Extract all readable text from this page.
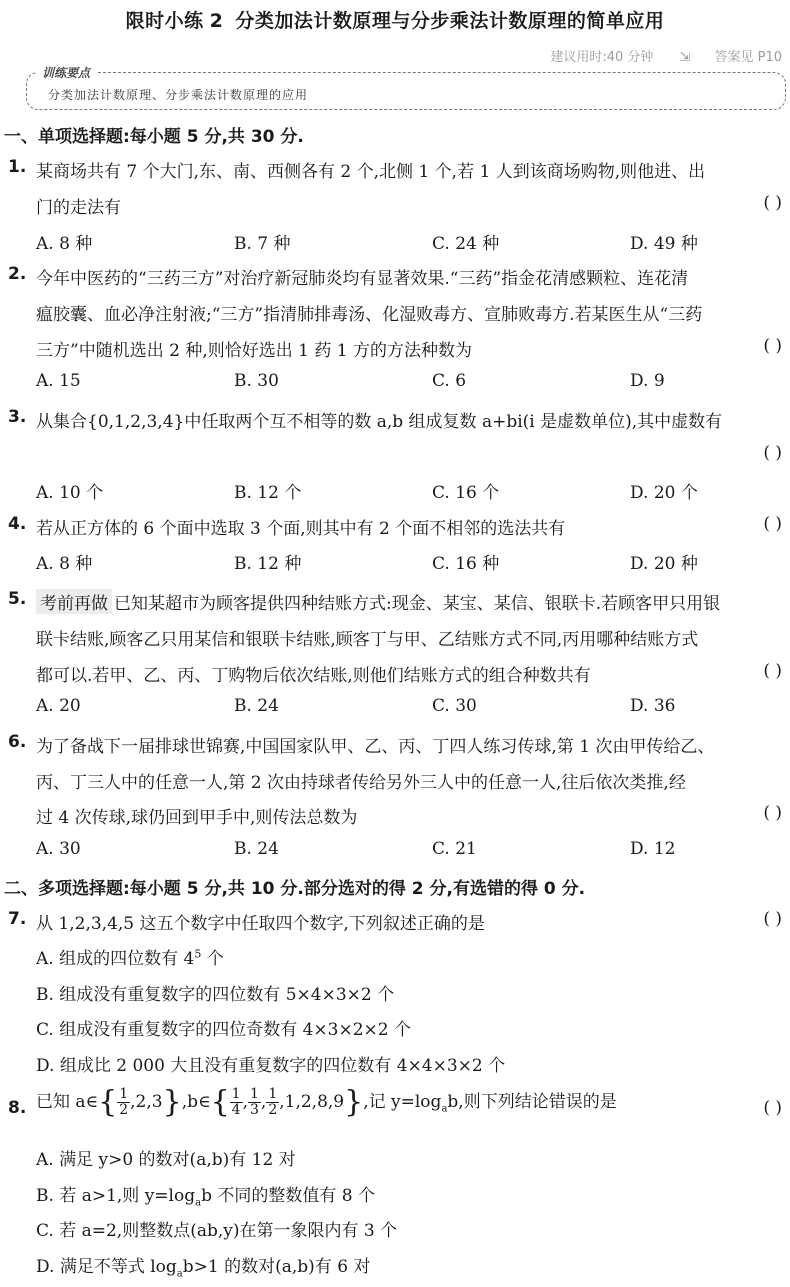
限时小练 2 分类加法计数原理与分步乘法计数原理的简单应用
建议用时:40 分钟 ⇲ 答案见 P10
训练要点
分类加法计数原理、分步乘法计数原理的应用
一、单项选择题:每小题 5 分,共 30 分.
1. 某商场共有 7 个大门,东、南、西侧各有 2 个,北侧 1 个,若 1 人到该商场购物,则他进、出
门的走法有	( )
A. 8 种	B. 7 种	C. 24 种	D. 49 种
2. 今年中医药的“三药三方”对治疗新冠肺炎均有显著效果.“三药”指金花清感颗粒、连花清
瘟胶囊、血必净注射液;“三方”指清肺排毒汤、化湿败毒方、宣肺败毒方.若某医生从“三药
三方”中随机选出 2 种,则恰好选出 1 药 1 方的方法种数为	( )
A. 15	B. 30	C. 6	D. 9
3. 从集合{0,1,2,3,4}中任取两个互不相等的数 a,b 组成复数 a+bi(i 是虚数单位),其中虚数有
( )
A. 10 个	B. 12 个	C. 16 个	D. 20 个
4. 若从正方体的 6 个面中选取 3 个面,则其中有 2 个面不相邻的选法共有	( )
A. 8 种	B. 12 种	C. 16 种	D. 20 种
5. 考前再做 已知某超市为顾客提供四种结账方式:现金、某宝、某信、银联卡.若顾客甲只用银
联卡结账,顾客乙只用某信和银联卡结账,顾客丁与甲、乙结账方式不同,丙用哪种结账方式
都可以.若甲、乙、丙、丁购物后依次结账,则他们结账方式的组合种数共有	( )
A. 20	B. 24	C. 30	D. 36
6. 为了备战下一届排球世锦赛,中国国家队甲、乙、丙、丁四人练习传球,第 1 次由甲传给乙、
丙、丁三人中的任意一人,第 2 次由持球者传给另外三人中的任意一人,往后依次类推,经
过 4 次传球,球仍回到甲手中,则传法总数为	( )
A. 30	B. 24	C. 21	D. 12
二、多项选择题:每小题 5 分,共 10 分.部分选对的得 2 分,有选错的得 0 分.
7. 从 1,2,3,4,5 这五个数字中任取四个数字,下列叙述正确的是	( )
A. 组成的四位数有 $4^5$ 个
B. 组成没有重复数字的四位数有 5×4×3×2 个
C. 组成没有重复数字的四位奇数有 4×3×2×2 个
D. 组成比 2 000 大且没有重复数字的四位数有 4×4×3×2 个
8. 已知 a∈{ $\frac{1}{2}$ ,2,3},b∈{ $\frac{1}{4}$ , $\frac{1}{3}$ , $\frac{1}{2} ,1,2,8,9$},记 $y=\log_ab$,则下列结论错误的是	( )
A. 满足 y>0 的数对(a,b)有 12 对
B. 若 a>1,则 $y=\log_ab$ 不同的整数值有 8 个
C. 若 a=2,则整数点(ab,y)在第一象限内有 3 个
D. 满足不等式 $\log_ab>1$ 的数对(a,b)有 6 对
